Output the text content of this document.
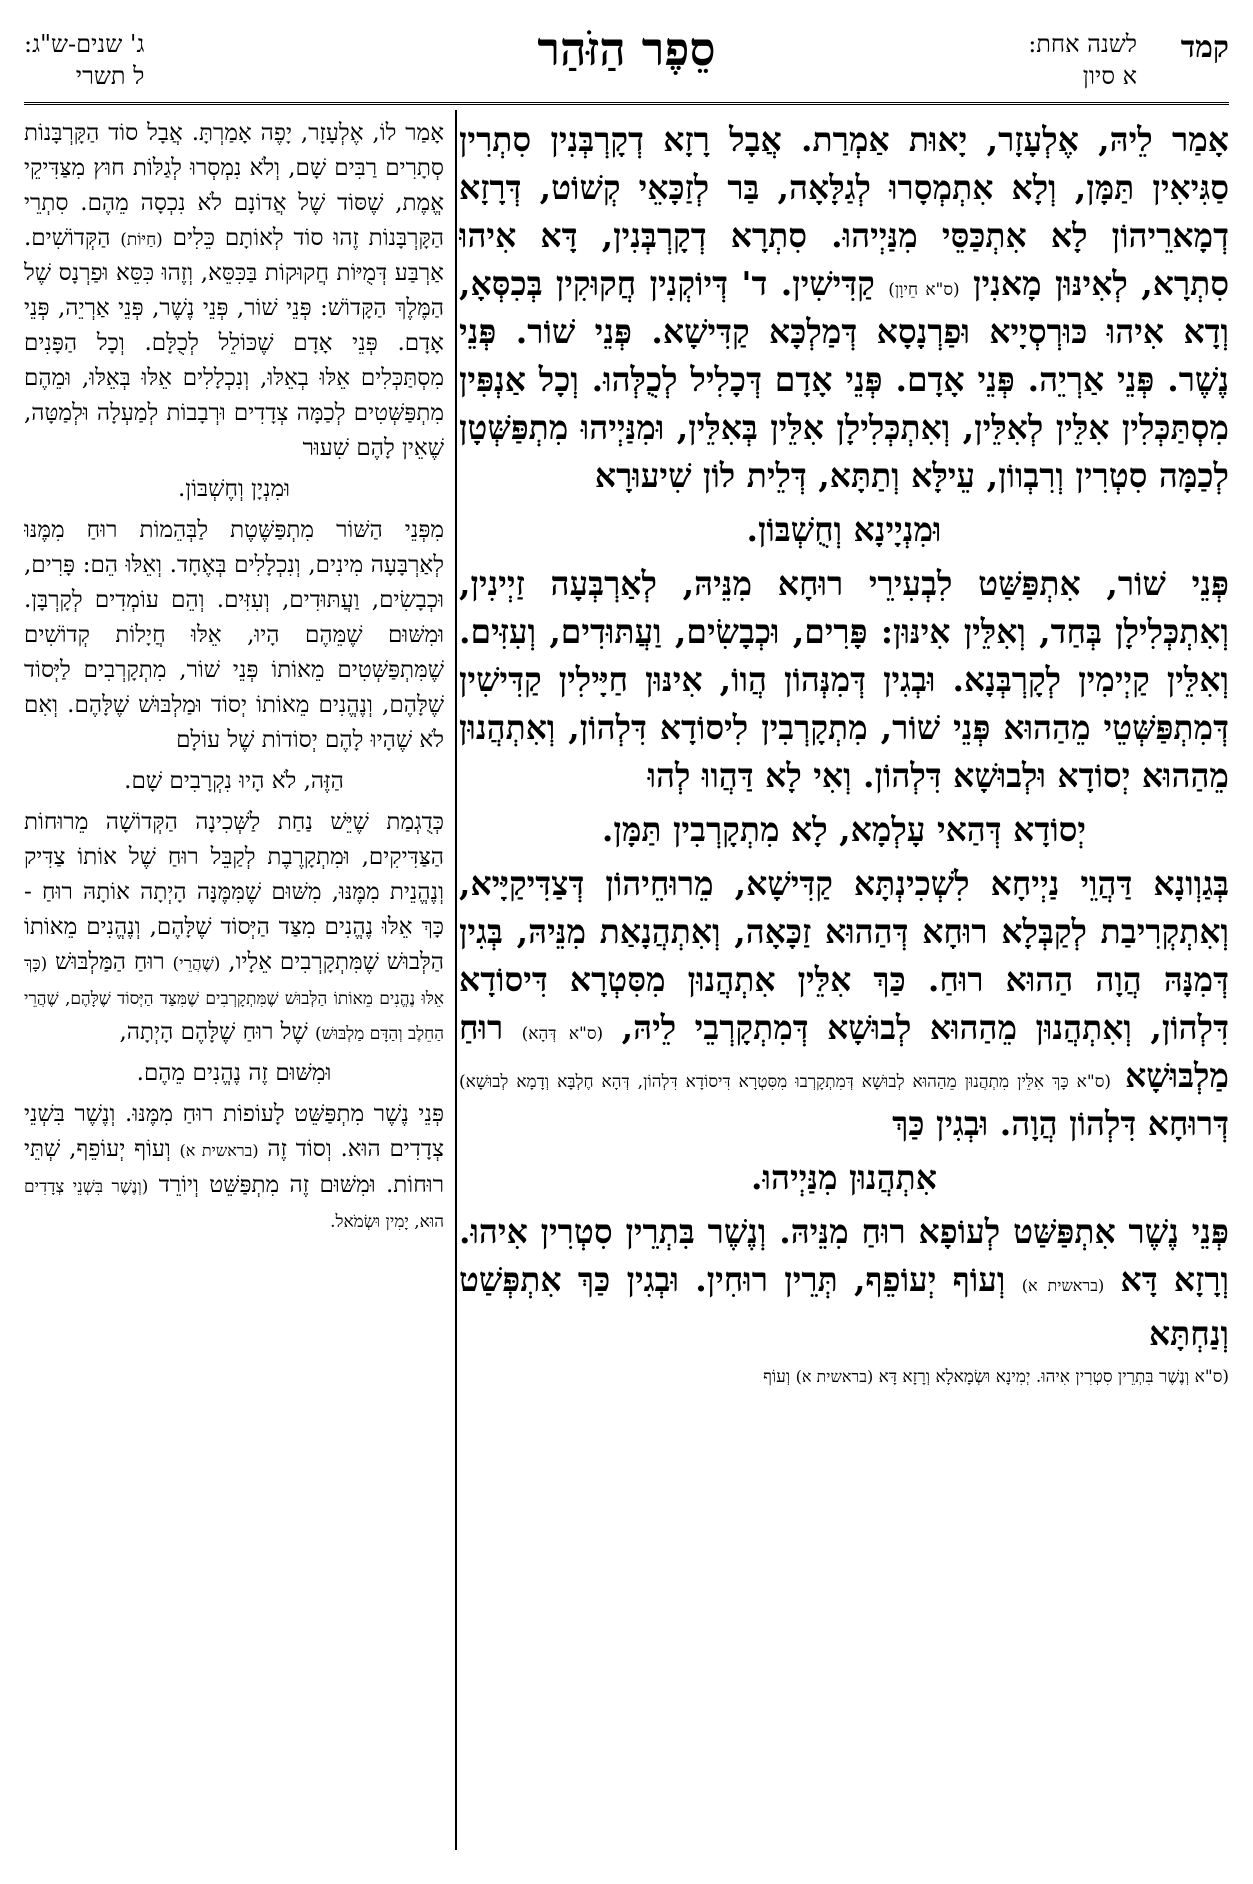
קמד
לשנה אחת:
א סיון
סֵפֶר הַזֹּהַר
ג' שנים-ש"ג:
ל תשרי

אָמַר לֵיהּ, אֶלְעָזָר, יָאוּת אַמְרַת. אֲבָל רָזָא דְקָרְבְּנִין סִתְרִין סַגִּיאִין תַּמָּן, וְלָא אִתְמְסָרוּ לְגַלָּאָה, בַּר לְזַכָּאֵי קְשׁוֹט, דְּרָזָא דְמָארֵיהוֹן לָא אִתְכַּסֵּי מִנַּיְיהוּ. סִתְרָא דְקָרְבְּנִין, דָּא אִיהוּ סִתְרָא, לְאִינּוּן מָאנִין (ס"א חֵיוָן) קַדִּישִׁין. ד' דְּיוֹקְנִין חֲקוּקִין בְּכִסְּאָ, וְדָא אִיהוּ כּוּרְסְיָיא וּפַרְנָסָא דְּמַלְכָּא קַדִּישָׁא. פְּנֵי שׁוֹר. פְּנֵי נֶשֶׁר. פְּנֵי אַרְיֵה. פְּנֵי אָדָם. פְּנֵי אָדָם דְּכָלִיל לְכֻלְּהוּ. וְכָל אַנְפִּין מִסְתַּכְּלִין אִלֵּין לְאִלֵּין, וְאִתְכְּלִילָן אִלֵּין בְּאִלֵּין, וּמִנַּיְיהוּ מִתְפַּשְּׁטָן לְכַמָּה סִטְרִין וְרִבְווֹן, עֵילָּא וְתַתָּא, דְּלֵית לוֹן שִׁיעוּרָא

וּמִנְיָינָא וְחֻשְׁבּוֹן.

פְּנֵי שׁוֹר, אִתְפַּשַּׁט לִבְעִירֵי רוּחָא מִנֵּיהּ, לְאַרְבְּעָה זַיְינִין, וְאִתְכְּלִילָן בְּחַד, וְאִלֵּין אִינּוּן: פָּרִים, וּכְבָשִׂים, וַעֲתּוּדִים, וְעִזִּים. וְאִלֵּין קַיְימִין לְקָרְבְּנָא. וּבְגִין דְּמִנְּהוֹן הֲווֹ, אִינּוּן חַיָּילִין קַדִּישִׁין דְּמִתְפַּשְּׁטֵי מֵהַהוּא פְּנֵי שׁוֹר, מִתְקָרְבִין לִיסוֹדָא דִּלְהוֹן, וְאִתְהֲנוּן מֵהַהוּא יְסוֹדָא וּלְבוּשָׁא דִּלְהוֹן. וְאִי לָא דַּהֲווּ לְהוּ

יְסוֹדָא דְּהַאי עָלְמָא, לָא מִתְקָרְבִין תַּמָּן.

בְּגַוְונָא דַּהֲוֵי נַיְיחָא לִשְׁכִינְתָּא קַדִּישָׁא, מֵרוּחֵיהוֹן דְּצַדִּיקַיָּיא, וְאִתְקְרִיבַת לְקַבְּלָא רוּחָא דְּהַהוּא זַכָּאָה, וְאִתְהֲנָאַת מִנֵּיהּ, בְּגִין דְּמִנָּהּ הֲוָה הַהוּא רוּחַ. כַּךְ אִלֵּין אִתְהֲנוּן מִסִּטְרָא דִּיסוֹדָא דִּלְהוֹן, וְאִתְהֲנוּן מֵהַהוּא לְבוּשָׁא דְּמִתְקָרְבֵי לֵיהּ, (ס"א דְּהָא) רוּחַ מַלְבּוּשָׁא (ס"א כָּךְ אִלֵּין מִתְהֲנוּן מֵהַהוּא לְבוּשָׁא דְּמִתְקָרְבוּ מִסִּטְרָא דִּיסוֹדָא דִּלְהוֹן, דְּהָא חֶלְבָּא וְדָמָא לְבוּשָׁא) דְּרוּחָא דִּלְהוֹן הֲוָה. וּבְגִין כַּךְ

אִתְהֲנוּן מִנַּיְיהוּ.

פְּנֵי נֶשֶׁר אִתְפַּשַּׁט לְעוֹפָא רוּחַ מִנֵּיהּ. וְנֶשֶׁר בִּתְרֵין סִטְרִין אִיהוּ. וְרָזָא דָּא (בראשית א) וְעוֹף יְעוֹפֵף, תְּרֵין רוּחִין. וּבְגִין כַּךְ אִתְפְּשַׁט וְנַחְתָּא

(ס"א וְנֶשֶׁר בִּתְרֵין סִטְרִין אִיהוּ. יְמִינָא וּשְׂמָאלָא וְרָזָא דָּא (בראשית א) וְעוֹף

אָמַר לוֹ, אֶלְעָזָר, יָפֶה אָמַרְתָּ. אֲבָל סוֹד הַקָּרְבָּנוֹת סְתָרִים רַבִּים שָׁם, וְלֹא נִמְסְרוּ לְגַלּוֹת חוּץ מִצַּדִּיקֵי אֱמֶת, שֶׁסּוֹד שֶׁל אֲדוֹנָם לֹא נִכְסָה מֵהֶם. סִתְרֵי הַקָּרְבָּנוֹת זֶהוּ סוֹד לְאוֹתָם כֵּלִים (חַיּוֹת) הַקְּדוֹשִׁים. אַרְבַּע דְּמֻיּוֹת חֲקוּקוֹת בַּכִּסֵּא, וְזֶהוּ כִּסֵּא וּפַרְנָס שֶׁל הַמֶּלֶךְ הַקָּדוֹשׁ: פְּנֵי שׁוֹר, פְּנֵי נֶשֶׁר, פְּנֵי אַרְיֵה, פְּנֵי אָדָם. פְּנֵי אָדָם שֶׁכּוֹלֵל לְכֻלָּם. וְכָל הַפָּנִים מִסְתַּכְּלִים אֵלּוּ בְאֵלּוּ, וְנִכְלָלִים אֵלּוּ בְּאֵלּוּ, וּמֵהֶם מִתְפַּשְּׁטִים לְכַמָּה צְדָדִים וּרְבָבוֹת לְמַעְלָה וּלְמַטָּה, שֶׁאֵין לָהֶם שִׁעוּר

וּמִנְיָן וְחֶשְׁבּוֹן.

מִפְּנֵי הַשּׁוֹר מִתְפַּשֶּׁטֶת לַבְּהֵמוֹת רוּחַ מִמֶּנּוּ לְאַרְבָּעָה מִינִים, וְנִכְלָלִים בְּאֶחָד. וְאֵלּוּ הֵם: פָּרִים, וּכְבָשִׂים, וַעֲתּוּדִים, וְעִזִּים. וְהֵם עוֹמְדִים לְקָרְבָּן. וּמִשּׁוּם שֶׁמֵּהֶם הָיוּ, אֵלּוּ חֲיָלוֹת קְדוֹשִׁים שֶׁמִּתְפַּשְּׁטִים מֵאוֹתוֹ פְּנֵי שׁוֹר, מִתְקָרְבִים לַיְּסוֹד שֶׁלָּהֶם, וְנֶהֱנִים מֵאוֹתוֹ יְסוֹד וּמַלְבּוּשׁ שֶׁלָּהֶם. וְאִם לֹא שֶׁהָיוּ לָהֶם יְסוֹדוֹת שֶׁל עוֹלָם

הַזֶּה, לֹא הָיוּ נִקְרָבִים שָׁם.

כְּדֻגְמַת שֶׁיֵּשׁ נַחַת לַשְּׁכִינָה הַקְּדוֹשָׁה מֵרוּחוֹת הַצַּדִּיקִים, וּמִתְקָרֶבֶת לְקַבֵּל רוּחַ שֶׁל אוֹתוֹ צַדִּיק וְנֶהֱנֵית מִמֶּנּוּ, מִשּׁוּם שֶׁמִּמֶּנָּה הָיְתָה אוֹתָהּ רוּחַ - כָּךְ אֵלּוּ נֶהֱנִים מִצַּד הַיְּסוֹד שֶׁלָּהֶם, וְנֶהֱנִים מֵאוֹתוֹ הַלְּבוּשׁ שֶׁמִּתְקָרְבִים אֵלָיו, (שֶׁהֲרֵי) רוּחַ הַמַּלְבּוּשׁ (כָּךְ אֵלּוּ נֶהֱנִים מֵאוֹתוֹ הַלְּבוּשׁ שֶׁמִּתְקָרְבִים שֶׁמִּצַּד הַיְּסוֹד שֶׁלָּהֶם, שֶׁהֲרֵי הַחֵלֶב וְהַדָּם מַלְבּוּשׁ) שֶׁל רוּחַ שֶׁלָּהֶם הָיְתָה,

וּמִשּׁוּם זֶה נֶהֱנִים מֵהֶם.

פְּנֵי נֶשֶׁר מִתְפַּשֵּׁט לָעוֹפוֹת רוּחַ מִמֶּנּוּ. וְנֶשֶׁר בִּשְׁנֵי צְדָדִים הוּא. וְסוֹד זֶה (בראשית א) וְעוֹף יְעוֹפֵף, שְׁתֵּי רוּחוֹת. וּמִשּׁוּם זֶה מִתְפַּשֵּׁט וְיוֹרֵד (וְנֶשֶׁר בִּשְׁנֵי צְדָדִים הוּא, יָמִין וּשְׂמֹאל.
